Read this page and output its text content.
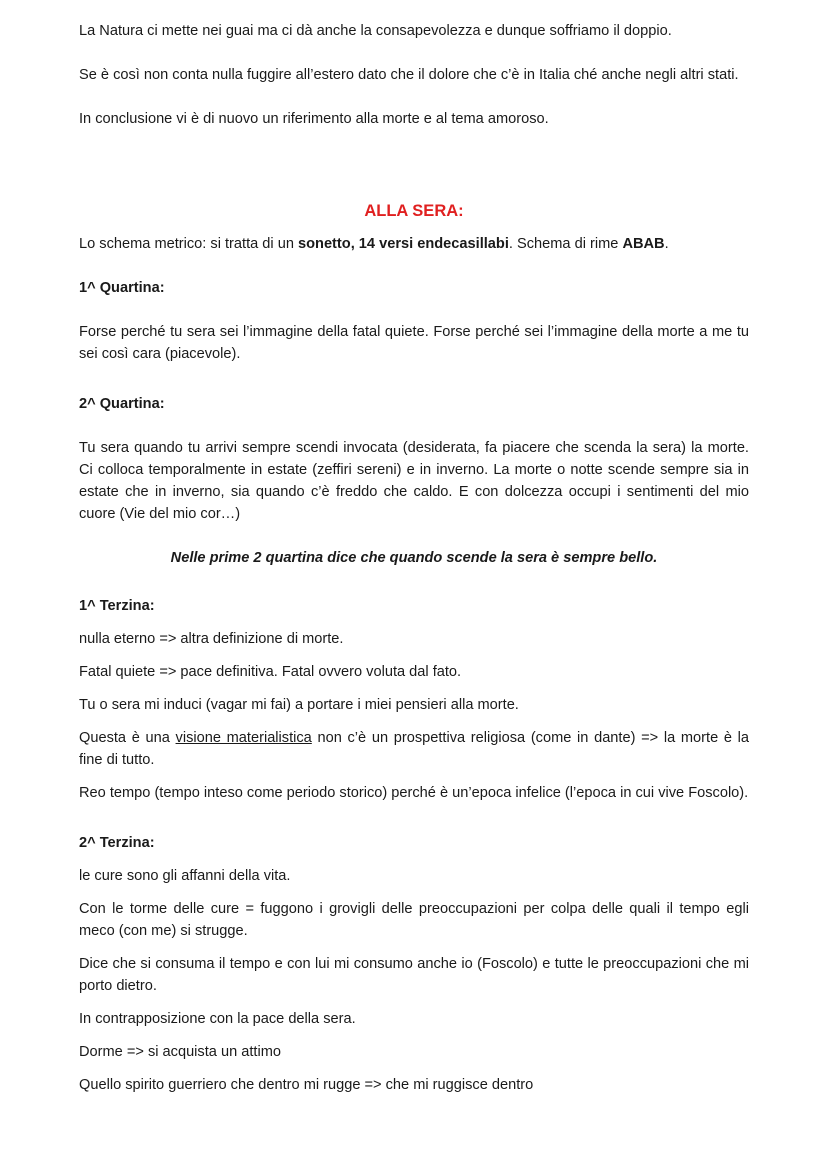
La Natura ci mette nei guai ma ci dà anche la consapevolezza e dunque soffriamo il doppio.

Se è così non conta nulla fuggire all’estero dato che il dolore che c’è in Italia ché anche negli altri stati.

In conclusione vi è di nuovo un riferimento alla morte e al tema amoroso.

ALLA SERA:

Lo schema metrico: si tratta di un sonetto, 14 versi endecasillabi. Schema di rime ABAB.

1^ Quartina:

Forse perché tu sera sei l’immagine della fatal quiete. Forse perché sei l’immagine della morte a me tu sei così cara (piacevole).

2^ Quartina:

Tu sera quando tu arrivi sempre scendi invocata (desiderata, fa piacere che scenda la sera) la morte. Ci colloca temporalmente in estate (zeffiri sereni) e in inverno. La morte o notte scende sempre sia in estate che in inverno, sia quando c’è freddo che caldo. E con dolcezza occupi i sentimenti del mio cuore (Vie del mio cor…)

Nelle prime 2 quartina dice che quando scende la sera è sempre bello.

1^ Terzina:

nulla eterno => altra definizione di morte.

Fatal quiete => pace definitiva. Fatal ovvero voluta dal fato.

Tu o sera mi induci (vagar mi fai) a portare i miei pensieri alla morte.

Questa è una visione materialistica non c’è un prospettiva religiosa (come in dante) => la morte è la fine di tutto.

Reo tempo (tempo inteso come periodo storico) perché è un’epoca infelice (l’epoca in cui vive Foscolo).

2^ Terzina:

le cure sono gli affanni della vita.

Con le torme delle cure = fuggono i grovigli delle preoccupazioni per colpa delle quali il tempo egli meco (con me) si strugge.

Dice che si consuma il tempo e con lui mi consumo anche io (Foscolo) e tutte le preoccupazioni che mi porto dietro.

In contrapposizione con la pace della sera.

Dorme => si acquista un attimo

Quello spirito guerriero che dentro mi rugge => che mi ruggisce dentro
